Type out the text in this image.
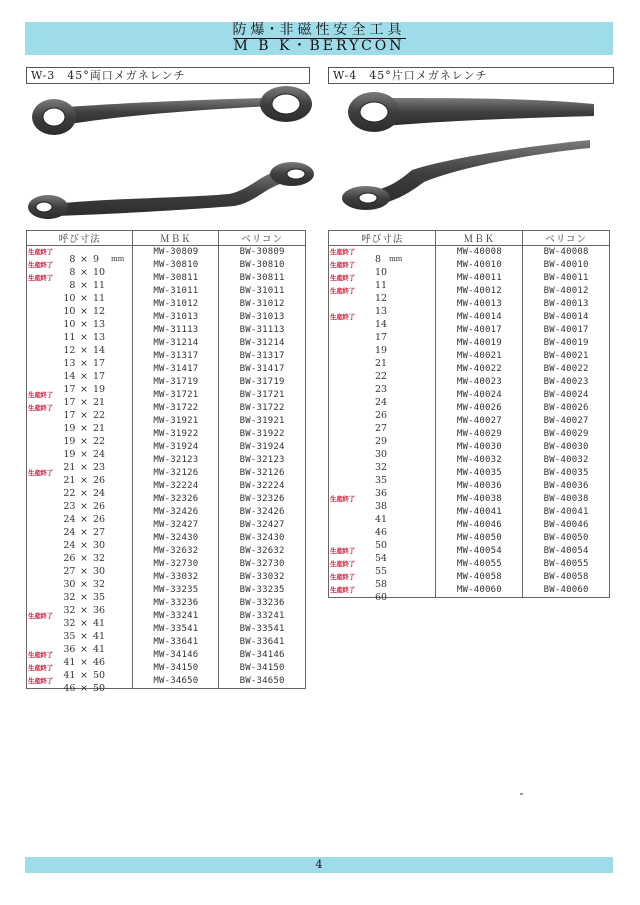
防爆･非磁性安全工具
M B K・BERYCON
W-3　45°両口メガネレンチ	W-4　45°片口メガネレンチ
呼び寸法	ＭＢＫ	ベリコン

生産終了
8 × 9 mm	MW-30809	BW-30809

生産終了
8 × 10	MW-30810	BW-30810

生産終了
8 × 11	MW-30811	BW-30811

10 × 11	MW-31011	BW-31011

10 × 12	MW-31012	BW-31012

10 × 13	MW-31013	BW-31013

11 × 13	MW-31113	BW-31113

12 × 14	MW-31214	BW-31214

13 × 17	MW-31317	BW-31317

14 × 17	MW-31417	BW-31417

17 × 19	MW-31719	BW-31719

生産終了
17 × 21	MW-31721	BW-31721

生産終了
17 × 22	MW-31722	BW-31722

19 × 21	MW-31921	BW-31921

19 × 22	MW-31922	BW-31922

19 × 24	MW-31924	BW-31924

21 × 23	MW-32123	BW-32123

生産終了
21 × 26	MW-32126	BW-32126

22 × 24	MW-32224	BW-32224

23 × 26	MW-32326	BW-32326

24 × 26	MW-32426	BW-32426

24 × 27	MW-32427	BW-32427

24 × 30	MW-32430	BW-32430

26 × 32	MW-32632	BW-32632

27 × 30	MW-32730	BW-32730

30 × 32	MW-33032	BW-33032

32 × 35	MW-33235	BW-33235

32 × 36	MW-33236	BW-33236

生産終了
32 × 41	MW-33241	BW-33241

35 × 41	MW-33541	BW-33541

36 × 41	MW-33641	BW-33641

生産終了
41 × 46	MW-34146	BW-34146

生産終了
41 × 50	MW-34150	BW-34150

生産終了
46 × 50	MW-34650	BW-34650
呼び寸法	ＭＢＫ	ベリコン

生産終了
8 mm	MW-40008	BW-40008

生産終了
10	MW-40010	BW-40010

生産終了
11	MW-40011	BW-40011

生産終了
12	MW-40012	BW-40012

13	MW-40013	BW-40013

生産終了
14	MW-40014	BW-40014

17	MW-40017	BW-40017

19	MW-40019	BW-40019

21	MW-40021	BW-40021

22	MW-40022	BW-40022

23	MW-40023	BW-40023

24	MW-40024	BW-40024

26	MW-40026	BW-40026

27	MW-40027	BW-40027

29	MW-40029	BW-40029

30	MW-40030	BW-40030

32	MW-40032	BW-40032

35	MW-40035	BW-40035

36	MW-40036	BW-40036

生産終了
38	MW-40038	BW-40038

41	MW-40041	BW-40041

46	MW-40046	BW-40046

50	MW-40050	BW-40050

生産終了
54	MW-40054	BW-40054

生産終了
55	MW-40055	BW-40055

生産終了
58	MW-40058	BW-40058

生産終了
60	MW-40060	BW-40060
4
